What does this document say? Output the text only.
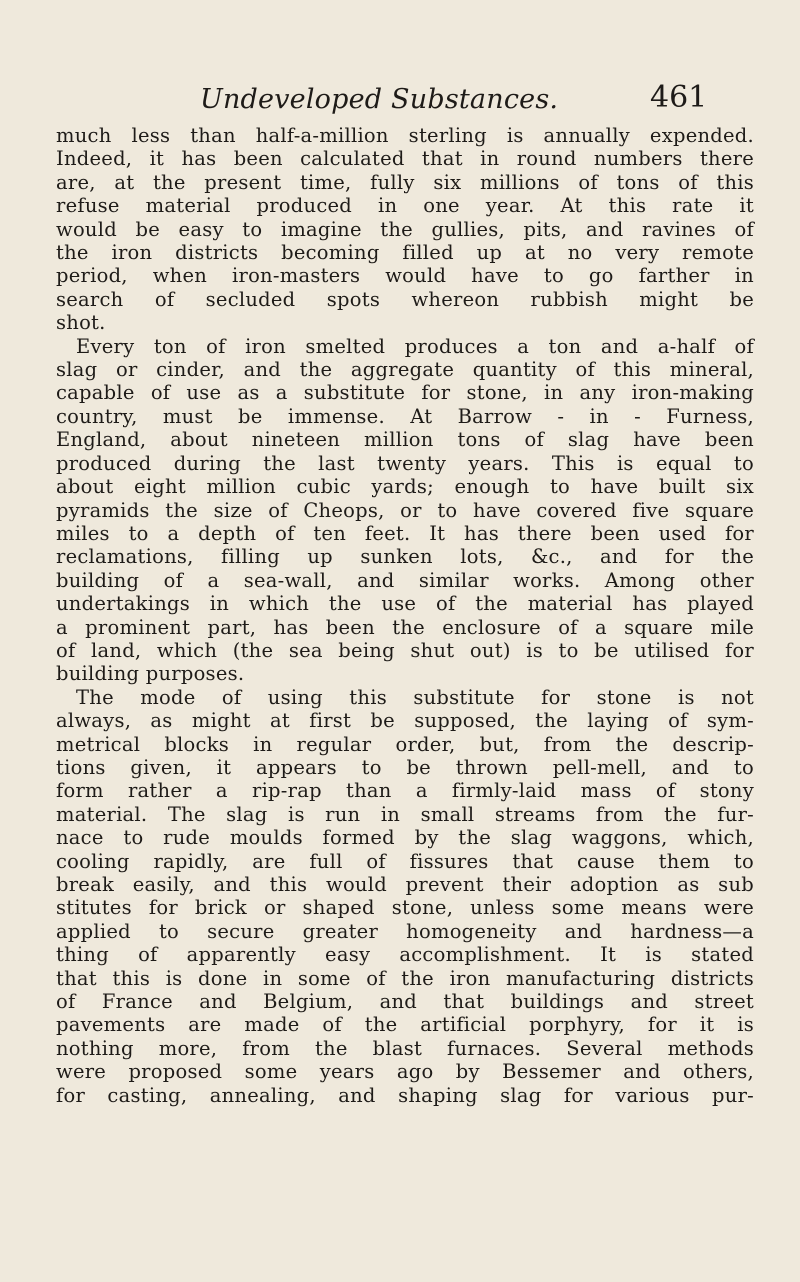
Undeveloped Substances.	461
much less than half-a-million sterling is annually expended.
Indeed, it has been calculated that in round numbers there
are, at the present time, fully six millions of tons of this
refuse material produced in one year. At this rate it
would be easy to imagine the gullies, pits, and ravines of
the iron districts becoming filled up at no very remote
period, when iron-masters would have to go farther in
search of secluded spots whereon rubbish might be
shot.
Every ton of iron smelted produces a ton and a-half of
slag or cinder, and the aggregate quantity of this mineral,
capable of use as a substitute for stone, in any iron-making
country, must be immense. At Barrow - in - Furness,
England, about nineteen million tons of slag have been
produced during the last twenty years. This is equal to
about eight million cubic yards; enough to have built six
pyramids the size of Cheops, or to have covered five square
miles to a depth of ten feet. It has there been used for
reclamations, filling up sunken lots, &c., and for the
building of a sea-wall, and similar works. Among other
undertakings in which the use of the material has played
a prominent part, has been the enclosure of a square mile
of land, which (the sea being shut out) is to be utilised for
building purposes.
The mode of using this substitute for stone is not
always, as might at first be supposed, the laying of sym-
metrical blocks in regular order, but, from the descrip-
tions given, it appears to be thrown pell-mell, and to
form rather a rip-rap than a firmly-laid mass of stony
material. The slag is run in small streams from the fur-
nace to rude moulds formed by the slag waggons, which,
cooling rapidly, are full of fissures that cause them to
break easily, and this would prevent their adoption as sub
stitutes for brick or shaped stone, unless some means were
applied to secure greater homogeneity and hardness—a
thing of apparently easy accomplishment. It is stated
that this is done in some of the iron manufacturing districts
of France and Belgium, and that buildings and street
pavements are made of the artificial porphyry, for it is
nothing more, from the blast furnaces. Several methods
were proposed some years ago by Bessemer and others,
for casting, annealing, and shaping slag for various pur-
